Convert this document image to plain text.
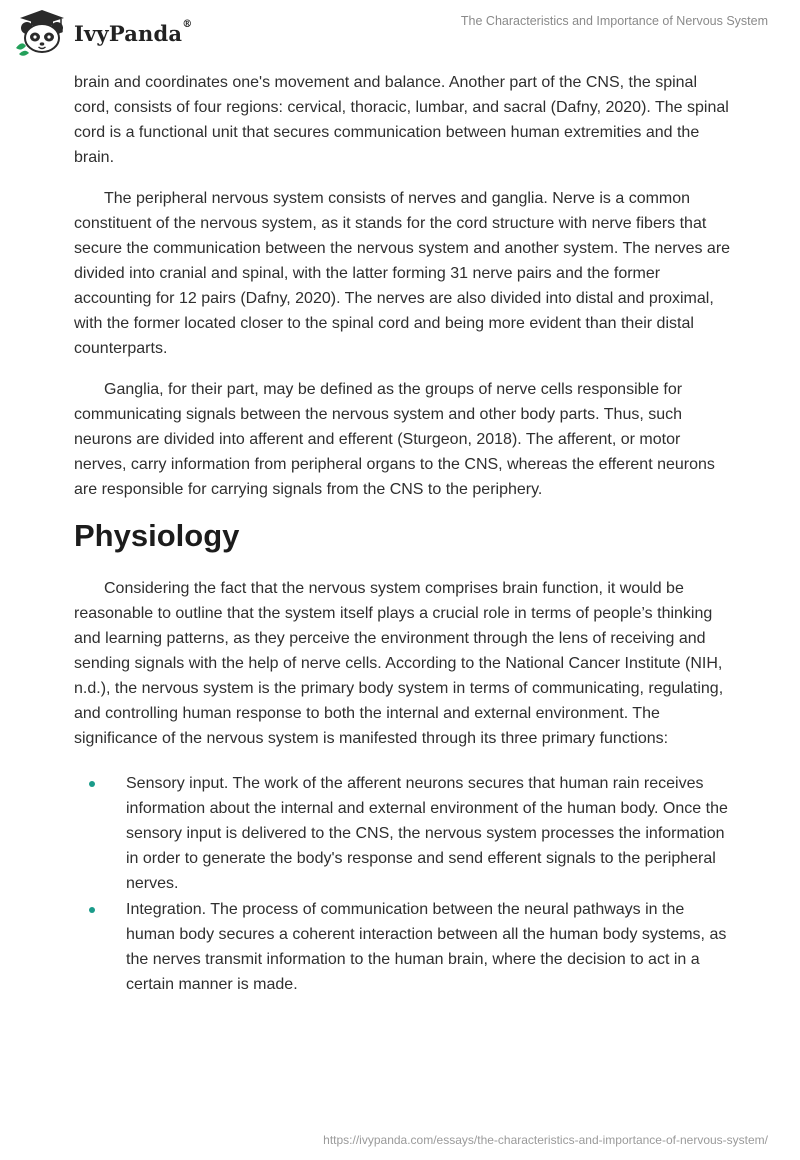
IvyPanda®	The Characteristics and Importance of Nervous System

brain and coordinates one's movement and balance. Another part of the CNS, the spinal cord, consists of four regions: cervical, thoracic, lumbar, and sacral (Dafny, 2020). The spinal cord is a functional unit that secures communication between human extremities and the brain.

The peripheral nervous system consists of nerves and ganglia. Nerve is a common constituent of the nervous system, as it stands for the cord structure with nerve fibers that secure the communication between the nervous system and another system. The nerves are divided into cranial and spinal, with the latter forming 31 nerve pairs and the former accounting for 12 pairs (Dafny, 2020). The nerves are also divided into distal and proximal, with the former located closer to the spinal cord and being more evident than their distal counterparts.

Ganglia, for their part, may be defined as the groups of nerve cells responsible for communicating signals between the nervous system and other body parts. Thus, such neurons are divided into afferent and efferent (Sturgeon, 2018). The afferent, or motor nerves, carry information from peripheral organs to the CNS, whereas the efferent neurons are responsible for carrying signals from the CNS to the periphery.

Physiology

Considering the fact that the nervous system comprises brain function, it would be reasonable to outline that the system itself plays a crucial role in terms of people’s thinking and learning patterns, as they perceive the environment through the lens of receiving and sending signals with the help of nerve cells. According to the National Cancer Institute (NIH, n.d.), the nervous system is the primary body system in terms of communicating, regulating, and controlling human response to both the internal and external environment. The significance of the nervous system is manifested through its three primary functions:

Sensory input. The work of the afferent neurons secures that human rain receives information about the internal and external environment of the human body. Once the sensory input is delivered to the CNS, the nervous system processes the information in order to generate the body's response and send efferent signals to the peripheral nerves.
Integration. The process of communication between the neural pathways in the human body secures a coherent interaction between all the human body systems, as the nerves transmit information to the human brain, where the decision to act in a certain manner is made.
https://ivypanda.com/essays/the-characteristics-and-importance-of-nervous-system/
